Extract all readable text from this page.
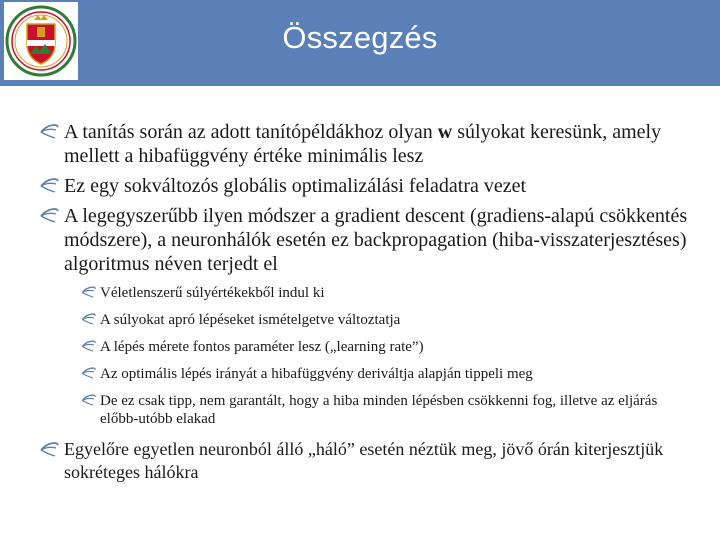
Összegzés
A tanítás során az adott tanítópéldákhoz olyan w súlyokat keresünk, amely mellett a hibafüggvény értéke minimális lesz
Ez egy sokváltozós globális optimalizálási feladatra vezet
A legegyszerűbb ilyen módszer a gradient descent (gradiens-alapú csökkentés módszere), a neuronhálók esetén ez backpropagation (hiba-visszaterjesztéses) algoritmus néven terjedt el
Véletlenszerű súlyértékekből indul ki
A súlyokat apró lépéseket ismételgetve változtatja
A lépés mérete fontos paraméter lesz („learning rate”)
Az optimális lépés irányát a hibafüggvény deriváltja alapján tippeli meg
De ez csak tipp, nem garantált, hogy a hiba minden lépésben csökkenni fog, illetve az eljárás előbb-utóbb elakad
Egyelőre egyetlen neuronból álló „háló” esetén néztük meg, jövő órán kiterjesztjük sokréteges hálókra
